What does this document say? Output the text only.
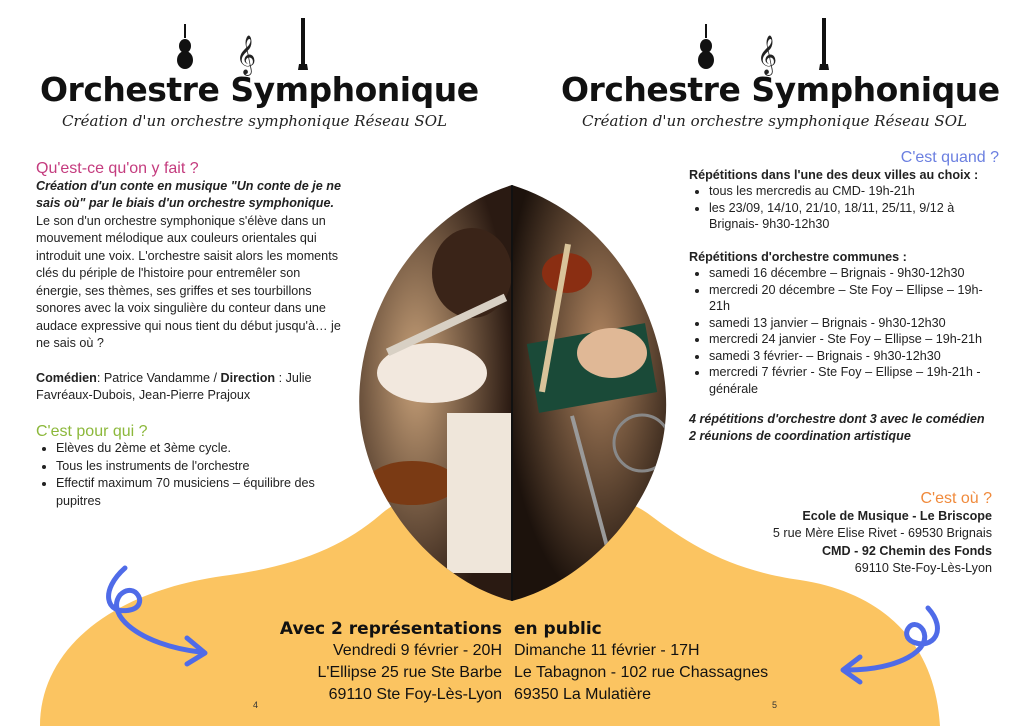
𝄞
Orchestre Symphonique
Création d'un orchestre symphonique Réseau SOL
Qu'est-ce qu'on y fait ?
Création d'un conte en musique "Un conte de je ne sais où" par le biais d'un orchestre symphonique.
Le son d'un orchestre symphonique s'élève dans un mouvement mélodique aux couleurs orientales qui introduit une voix. L'orchestre saisit alors les moments clés du périple de l'histoire pour entremêler son énergie, ses thèmes, ses griffes et ses tourbillons sonores avec la voix singulière du conteur dans une audace expressive qui nous tient du début jusqu'à… je ne sais où ?
Comédien: Patrice Vandamme / Direction : Julie Favréaux-Dubois, Jean-Pierre Prajoux
C'est pour qui ?
• Elèves du 2ème et 3ème cycle.
• Tous les instruments de l'orchestre
• Effectif maximum 70 musiciens – équilibre des pupitres
4
𝄞
Orchestre Symphonique
Création d'un orchestre symphonique Réseau SOL
C'est quand ?
Répétitions dans l'une des deux villes au choix :
• tous les mercredis au CMD- 19h-21h
• les 23/09, 14/10, 21/10, 18/11, 25/11, 9/12 à Brignais- 9h30-12h30
Répétitions d'orchestre communes :
• samedi 16 décembre – Brignais - 9h30-12h30
• mercredi 20 décembre – Ste Foy – Ellipse – 19h-21h
• samedi 13 janvier – Brignais - 9h30-12h30
• mercredi 24 janvier - Ste Foy – Ellipse – 19h-21h
• samedi 3 février- – Brignais - 9h30-12h30
• mercredi 7 février - Ste Foy – Ellipse – 19h-21h - générale
4 répétitions d'orchestre dont 3 avec le comédien
2 réunions de coordination artistique
C'est où ?
Ecole de Musique - Le Briscope
5 rue Mère Elise Rivet - 69530 Brignais
CMD - 92 Chemin des Fonds
69110 Ste-Foy-Lès-Lyon
5
Avec 2 représentations
Vendredi 9 février - 20H
L'Ellipse 25 rue Ste Barbe
69110 Ste Foy-Lès-Lyon
en public
Dimanche 11 février - 17H
Le Tabagnon - 102 rue Chassagnes
69350 La Mulatière
